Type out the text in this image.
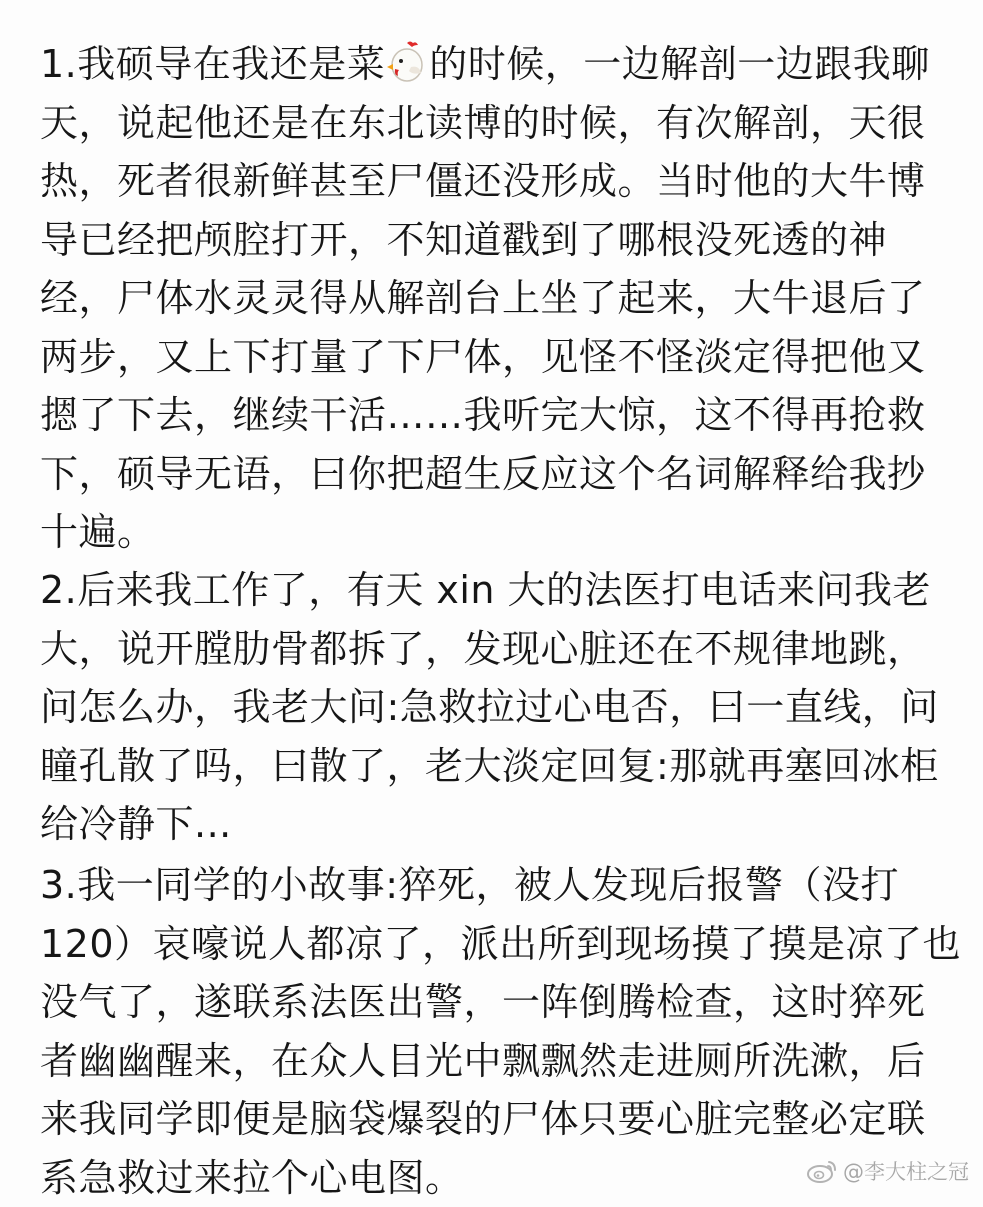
1.我硕导在我还是菜 的时候，一边解剖一边跟我聊
天，说起他还是在东北读博的时候，有次解剖，天很
热，死者很新鲜甚至尸僵还没形成。当时他的大牛博
导已经把颅腔打开，不知道戳到了哪根没死透的神
经，尸体水灵灵得从解剖台上坐了起来，大牛退后了
两步，又上下打量了下尸体，见怪不怪淡定得把他又
摁了下去，继续干活……我听完大惊，这不得再抢救
下，硕导无语，曰你把超生反应这个名词解释给我抄
十遍。
2.后来我工作了，有天 xin 大的法医打电话来问我老
大，说开膛肋骨都拆了，发现心脏还在不规律地跳，
问怎么办，我老大问:急救拉过心电否，曰一直线，问
瞳孔散了吗，曰散了，老大淡定回复:那就再塞回冰柜
给冷静下...
3.我一同学的小故事:猝死，被人发现后报警（没打
120）哀嚎说人都凉了，派出所到现场摸了摸是凉了也
没气了，遂联系法医出警，一阵倒腾检查，这时猝死
者幽幽醒来，在众人目光中飘飘然走进厕所洗漱，后
来我同学即便是脑袋爆裂的尸体只要心脏完整必定联
系急救过来拉个心电图。	@李大柱之冠
